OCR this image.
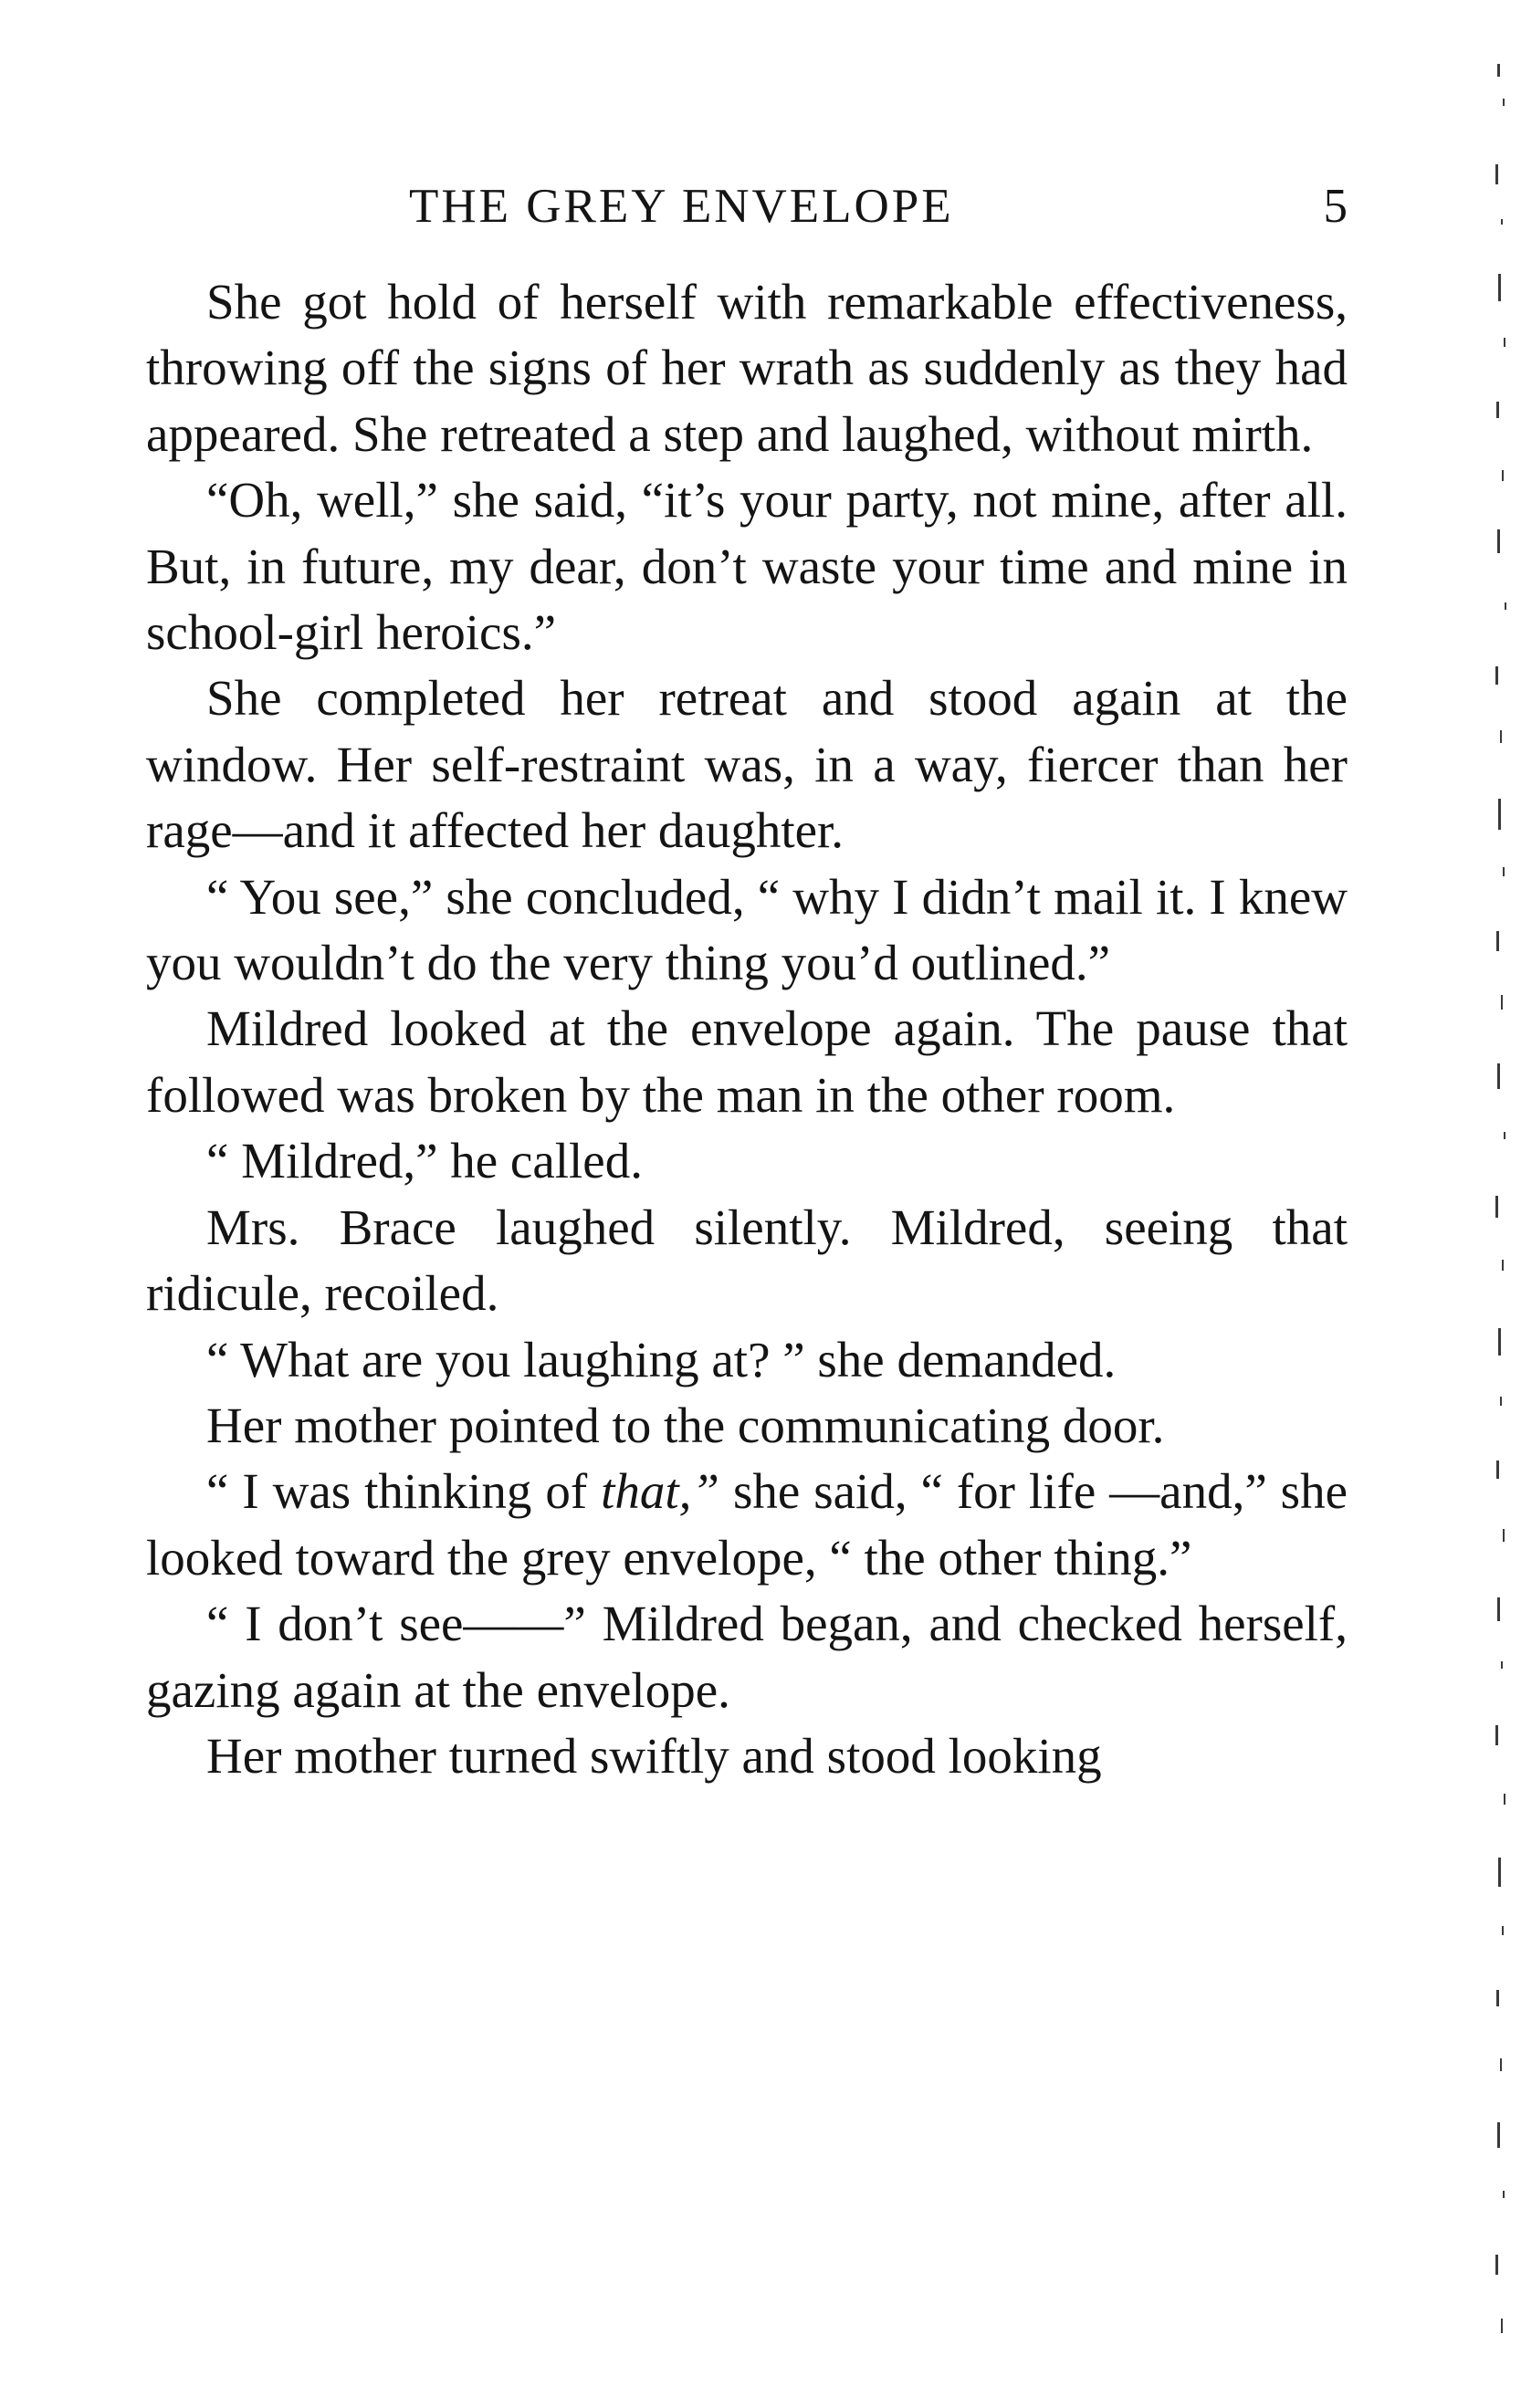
THE GREY ENVELOPE	5

She got hold of herself with remarkable effectiveness, throwing off the signs of her wrath as suddenly as they had appeared. She retreated a step and laughed, without mirth.

“Oh, well,” she said, “it’s your party, not mine, after all. But, in future, my dear, don’t waste your time and mine in school-girl heroics.”

She completed her retreat and stood again at the window. Her self-restraint was, in a way, fiercer than her rage—and it affected her daughter.

“ You see,” she concluded, “ why I didn’t mail it. I knew you wouldn’t do the very thing you’d outlined.”

Mildred looked at the envelope again. The pause that followed was broken by the man in the other room.

“ Mildred,” he called.

Mrs. Brace laughed silently. Mildred, seeing that ridicule, recoiled.

“ What are you laughing at? ” she demanded.

Her mother pointed to the communicating door.

“ I was thinking of that,” she said, “ for life —and,” she looked toward the grey envelope, “ the other thing.”

“ I don’t see——” Mildred began, and checked herself, gazing again at the envelope.

Her mother turned swiftly and stood looking
